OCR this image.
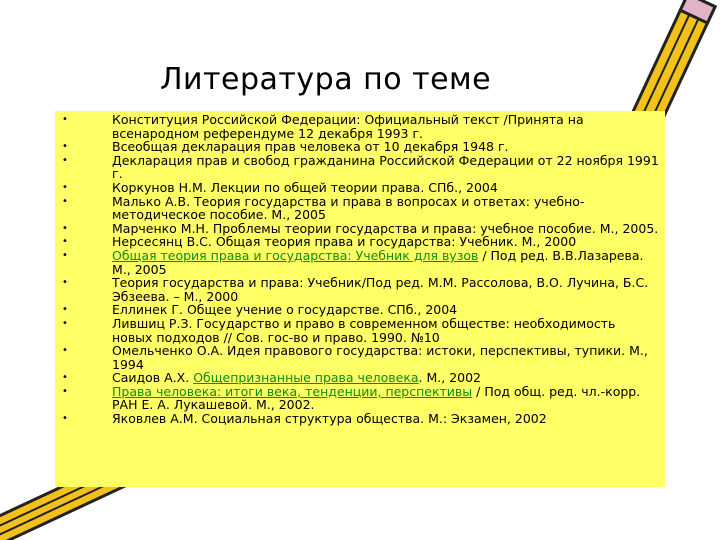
Литература по теме
•	Конституция Российской Федерации: Официальный текст /Принята на всенародном референдуме 12 декабря 1993 г.
•	Всеобщая декларация прав человека от 10 декабря 1948 г.
•	Декларация прав и свобод гражданина Российской Федерации от 22 ноября 1991 г.
•	Коркунов Н.М. Лекции по общей теории права. СПб., 2004
•	Малько А.В. Теория государства и права в вопросах и ответах: учебно-методическое пособие. М., 2005
•	Марченко М.Н. Проблемы теории государства и права: учебное пособие. М., 2005.
•	Нерсесянц В.С. Общая теория права и государства: Учебник. М., 2000
•	Общая теория права и государства: Учебник для вузов / Под ред. В.В.Лазарева. М., 2005
•	Теория государства и права: Учебник/Под ред. М.М. Рассолова, В.О. Лучина, Б.С. Эбзеева. – М., 2000
•	Еллинек Г. Общее учение о государстве. СПб., 2004
•	Лившиц Р.З. Государство и право в современном обществе: необходимость новых подходов // Сов. гос-во и право. 1990. №10
•	Омельченко О.А. Идея правового государства: истоки, перспективы, тупики. М., 1994
•	Саидов А.Х. Общепризнанные права человека. М., 2002
•	Права человека: итоги века, тенденции, перспективы / Под общ. ред. чл.-корр. РАН Е. А. Лукашевой. М., 2002.
•	Яковлев А.М. Социальная структура общества. М.: Экзамен, 2002
